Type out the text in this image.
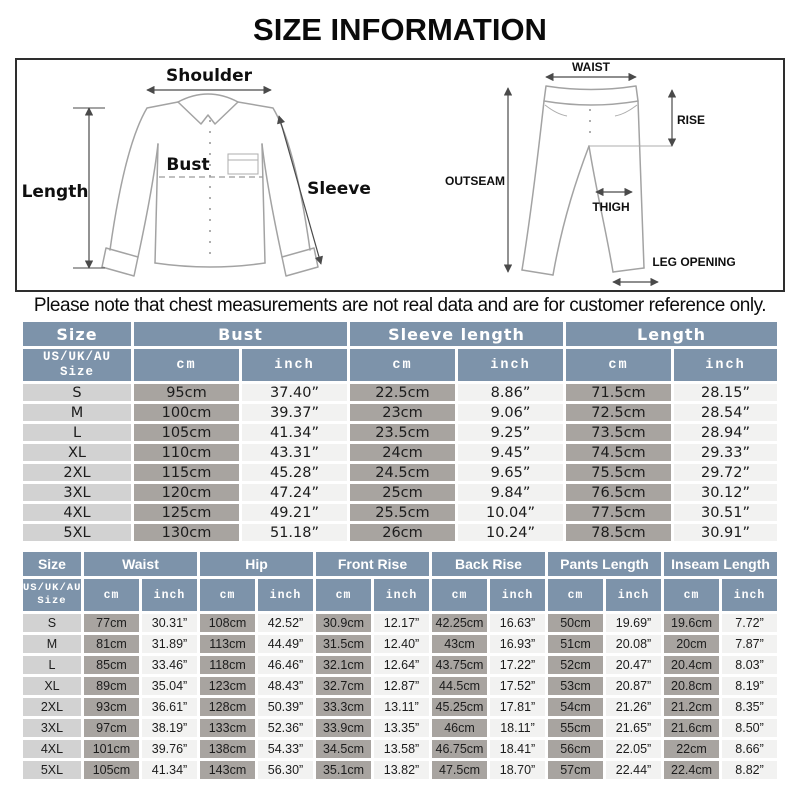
SIZE INFORMATION
Shoulder
Length
Bust
Sleeve
WAIST
RISE
OUTSEAM
THIGH
LEG OPENING
Please note that chest measurements are not real data and are for customer reference only.
Size	Bust		Sleeve length		Length	
US/UK/AU
Size	cm	inch	cm	inch	cm	inch
S	95cm	37.40”	22.5cm	8.86”	71.5cm	28.15”
M	100cm	39.37”	23cm	9.06”	72.5cm	28.54”
L	105cm	41.34”	23.5cm	9.25”	73.5cm	28.94”
XL	110cm	43.31”	24cm	9.45”	74.5cm	29.33”
2XL	115cm	45.28”	24.5cm	9.65”	75.5cm	29.72”
3XL	120cm	47.24”	25cm	9.84”	76.5cm	30.12”
4XL	125cm	49.21”	25.5cm	10.04”	77.5cm	30.51”
5XL	130cm	51.18”	26cm	10.24”	78.5cm	30.91”
Size	Waist		Hip		Front Rise		Back Rise		Pants Length		Inseam Length	
US/UK/AU
Size	cm	inch	cm	inch	cm	inch	cm	inch	cm	inch	cm	inch
S	77cm	30.31”	108cm	42.52”	30.9cm	12.17”	42.25cm	16.63”	50cm	19.69”	19.6cm	7.72”
M	81cm	31.89”	113cm	44.49”	31.5cm	12.40”	43cm	16.93”	51cm	20.08”	20cm	7.87”
L	85cm	33.46”	118cm	46.46”	32.1cm	12.64”	43.75cm	17.22”	52cm	20.47”	20.4cm	8.03”
XL	89cm	35.04”	123cm	48.43”	32.7cm	12.87”	44.5cm	17.52”	53cm	20.87”	20.8cm	8.19”
2XL	93cm	36.61”	128cm	50.39”	33.3cm	13.11”	45.25cm	17.81”	54cm	21.26”	21.2cm	8.35”
3XL	97cm	38.19”	133cm	52.36”	33.9cm	13.35”	46cm	18.11”	55cm	21.65”	21.6cm	8.50”
4XL	101cm	39.76”	138cm	54.33”	34.5cm	13.58”	46.75cm	18.41”	56cm	22.05”	22cm	8.66”
5XL	105cm	41.34”	143cm	56.30”	35.1cm	13.82”	47.5cm	18.70”	57cm	22.44”	22.4cm	8.82”
